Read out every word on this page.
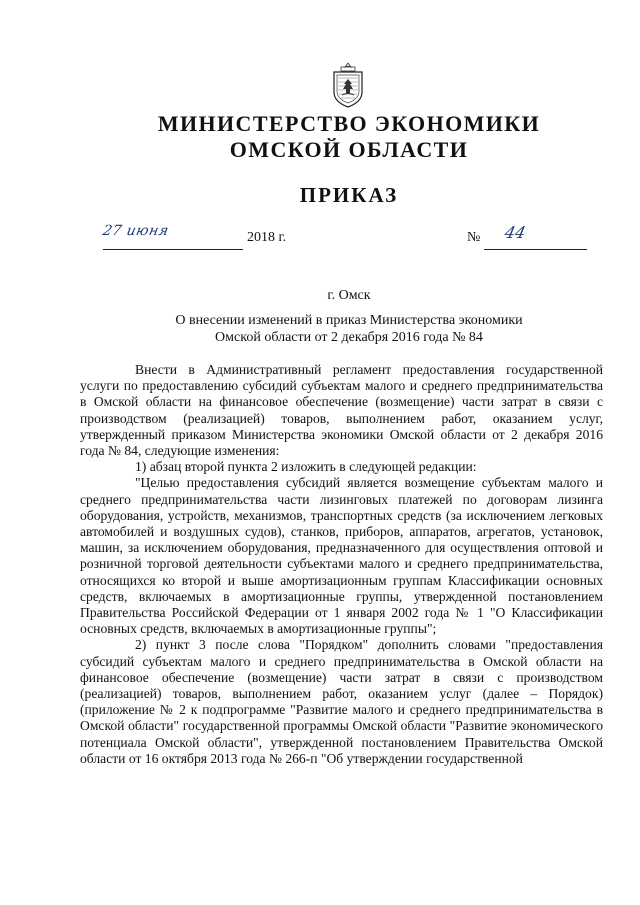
МИНИСТЕРСТВО ЭКОНОМИКИ
ОМСКОЙ ОБЛАСТИ
ПРИКАЗ
27 июня	2018 г.	№ 44
г. Омск
О внесении изменений в приказ Министерства экономики
Омской области от 2 декабря 2016 года № 84

Внести в Административный регламент предоставления государственной услуги по предоставлению субсидий субъектам малого и среднего предпринимательства в Омской области на финансовое обеспечение (возмещение) части затрат в связи с производством (реализацией) товаров, выполнением работ, оказанием услуг, утвержденный приказом Министерства экономики Омской области от 2 декабря 2016 года № 84, следующие изменения:

1) абзац второй пункта 2 изложить в следующей редакции:

"Целью предоставления субсидий является возмещение субъектам малого и среднего предпринимательства части лизинговых платежей по договорам лизинга оборудования, устройств, механизмов, транспортных средств (за исключением легковых автомобилей и воздушных судов), станков, приборов, аппаратов, агрегатов, установок, машин, за исключением оборудования, предназначенного для осуществления оптовой и розничной торговой деятельности субъектами малого и среднего предпринимательства, относящихся ко второй и выше амортизационным группам Классификации основных средств, включаемых в амортизационные группы, утвержденной постановлением Правительства Российской Федерации от 1 января 2002 года № 1 "О Классификации основных средств, включаемых в амортизационные группы";

2) пункт 3 после слова "Порядком" дополнить словами "предоставления субсидий субъектам малого и среднего предпринимательства в Омской области на финансовое обеспечение (возмещение) части затрат в связи с производством (реализацией) товаров, выполнением работ, оказанием услуг (далее – Порядок) (приложение № 2 к подпрограмме "Развитие малого и среднего предпринимательства в Омской области" государственной программы Омской области "Развитие экономического потенциала Омской области", утвержденной постановлением Правительства Омской области от 16 октября 2013 года № 266-п "Об утверждении государственной
